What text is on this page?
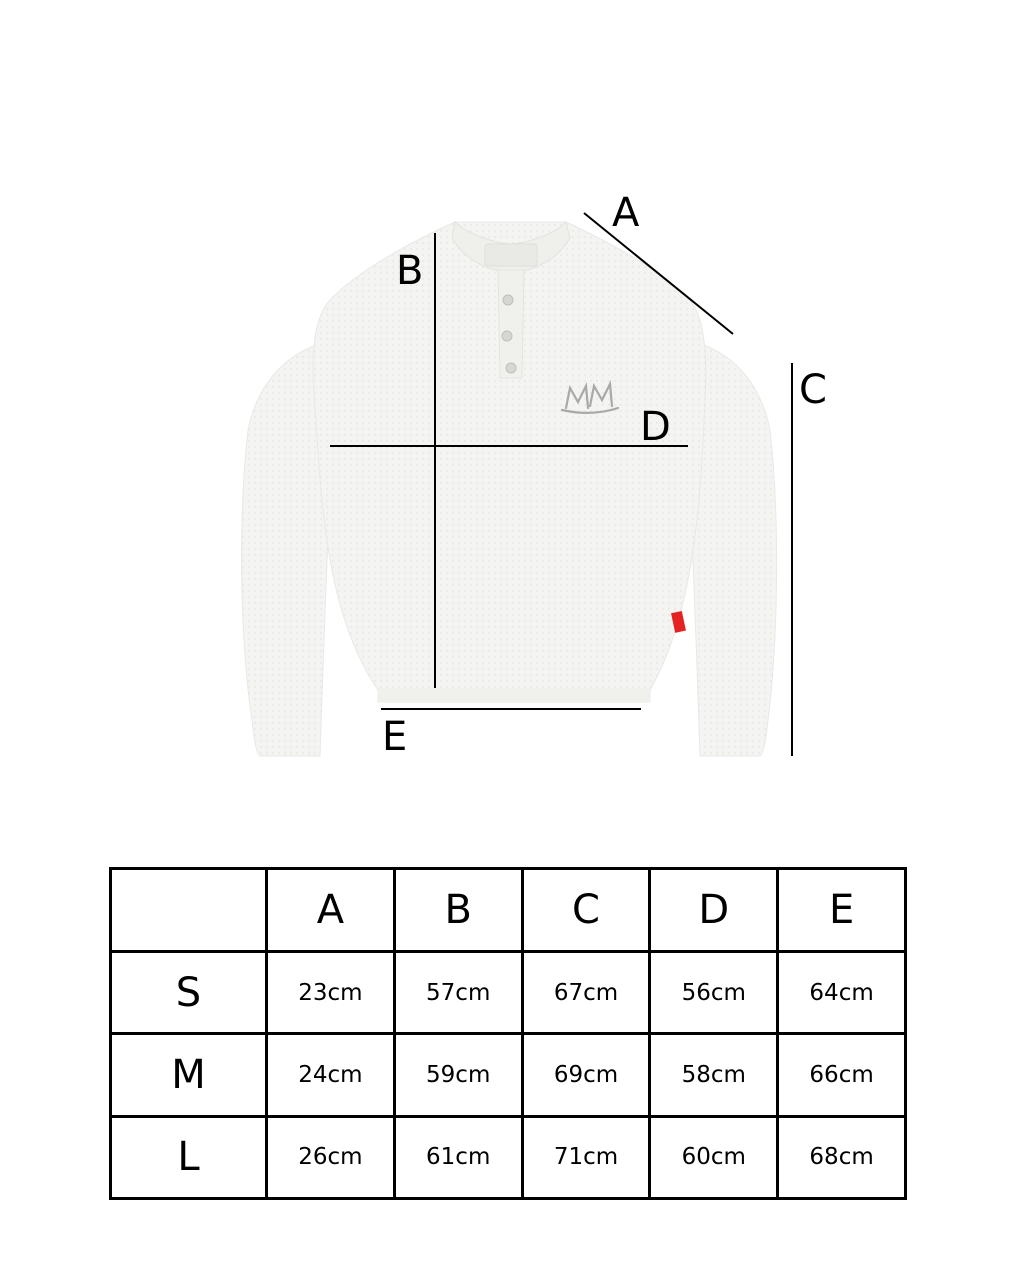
A
B
C
D
E
	A	B	C	D	E
S	23cm	57cm	67cm	56cm	64cm
M	24cm	59cm	69cm	58cm	66cm
L	26cm	61cm	71cm	60cm	68cm
